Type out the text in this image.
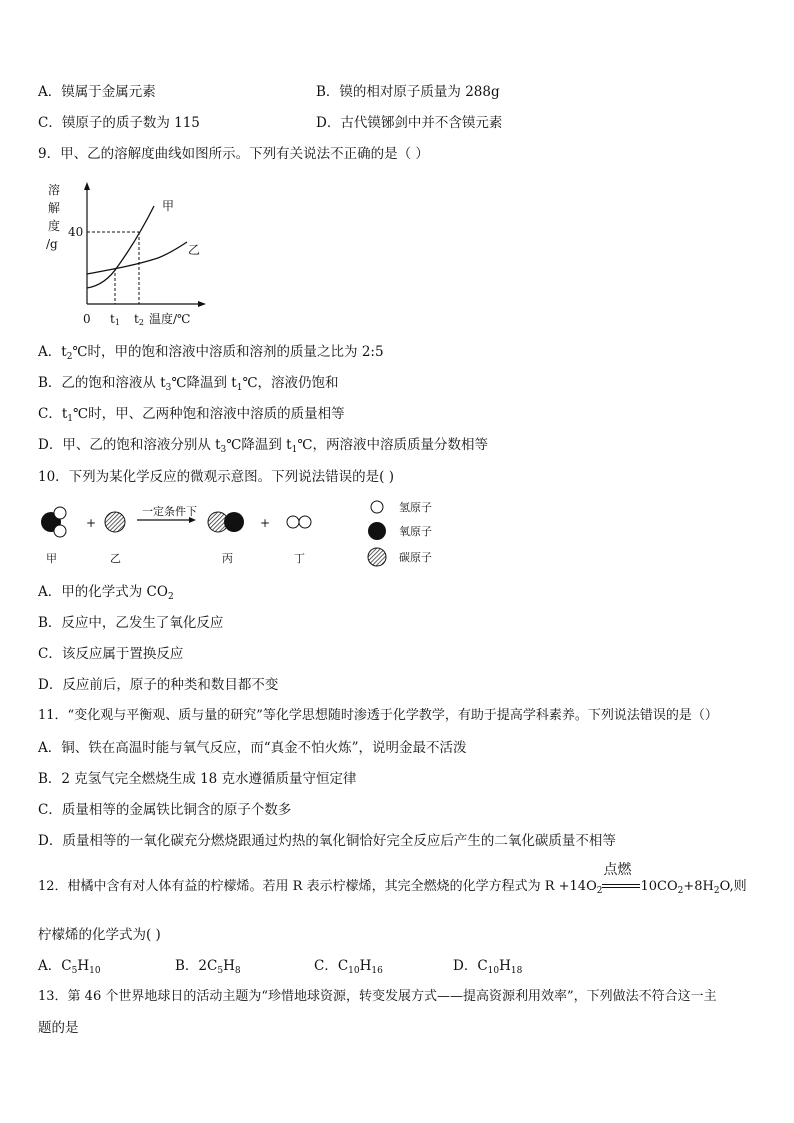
A．镆属于金属元素	B．镆的相对原子质量为 288g
C．镆原子的质子数为 115	D．古代镆铘剑中并不含镆元素
9．甲、乙的溶解度曲线如图所示。下列有关说法不正确的是（ ）
溶
解
度
/g
40
甲
乙
0 t1 t2 温度/℃
A．$t_2℃$时，甲的饱和溶液中溶质和溶剂的质量之比为 2:5
B．乙的饱和溶液从 $t_3℃$降温到 $t_1℃$，溶液仍饱和
C．$t_1℃$时，甲、乙两种饱和溶液中溶质的质量相等
D．甲、乙的饱和溶液分别从 $t_3℃$降温到 $t_1℃$，两溶液中溶质质量分数相等
10．下列为某化学反应的微观示意图。下列说法错误的是( )
+
一定条件下
+
甲	乙	丙	丁
氢原子
氧原子
碳原子
A．甲的化学式为 $CO_2$
B．反应中，乙发生了氧化反应
C．该反应属于置换反应
D．反应前后，原子的种类和数目都不变
11．“变化观与平衡观、质与量的研究”等化学思想随时渗透于化学教学，有助于提高学科素养。下列说法错误的是（）
A．铜、铁在高温时能与氧气反应，而“真金不怕火炼”，说明金最不活泼
B．2 克氢气完全燃烧生成 18 克水遵循质量守恒定律
C．质量相等的金属铁比铜含的原子个数多
D．质量相等的一氧化碳充分燃烧跟通过灼热的氧化铜恰好完全反应后产生的二氧化碳质量不相等
12．柑橘中含有对人体有益的柠檬烯。若用 R 表示柠檬烯，其完全燃烧的化学方程式为 $R +14O_2$
点燃
$10CO_2+8H_2O$,则
柠檬烯的化学式为( )
A．$C_5H_{10}$	B．$2C_5H_8$	C．$C_{10}H_{16}$	D．$C_{10}H_{18}$
13．第 46 个世界地球日的活动主题为“珍惜地球资源，转变发展方式——提高资源利用效率”，下列做法不符合这一主
题的是
